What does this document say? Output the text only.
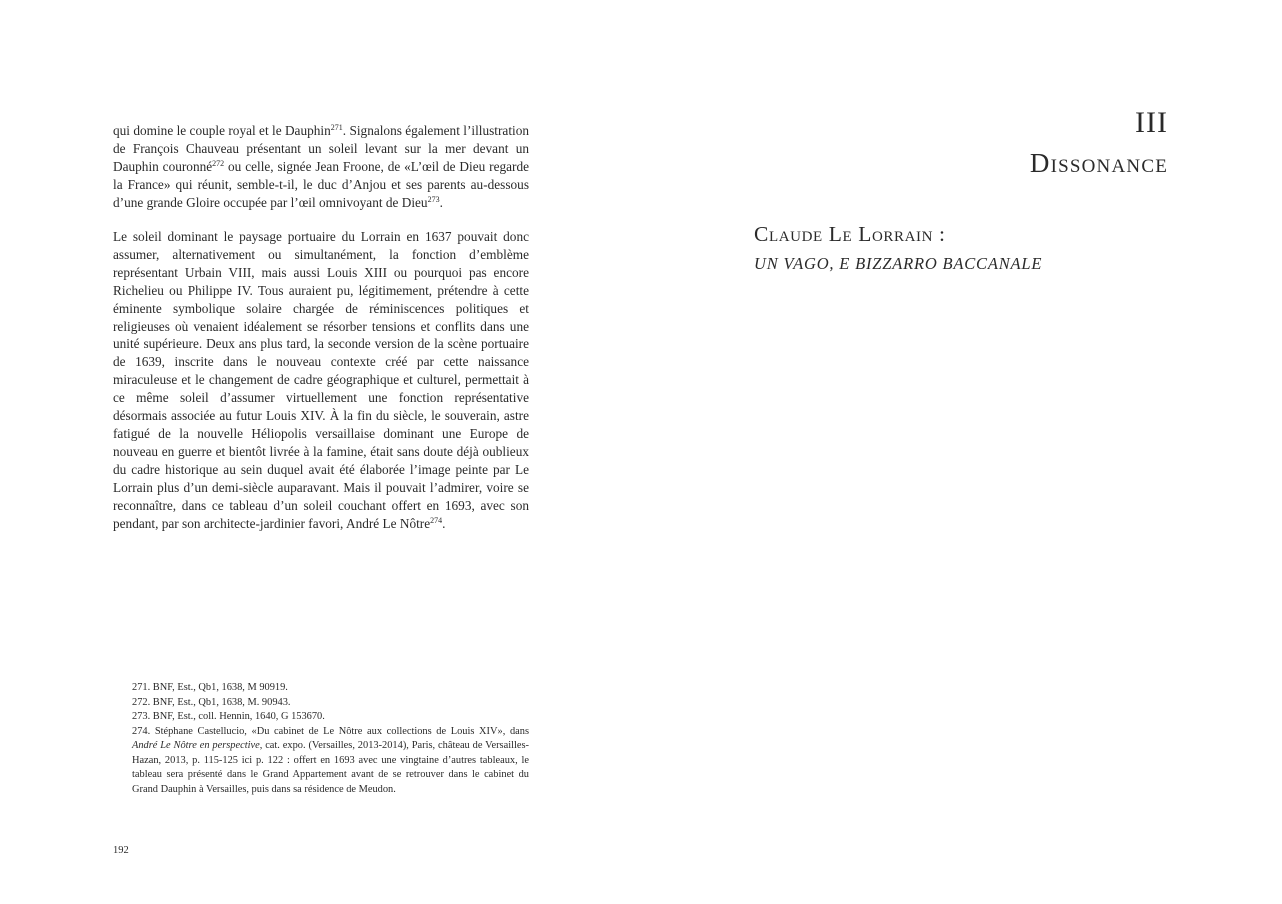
qui domine le couple royal et le Dauphin$^{271}$. Signalons également l’illustration de François Chauveau présentant un soleil levant sur la mer devant un Dauphin couronné$^{272}$ ou celle, signée Jean Froone, de «L’œil de Dieu regarde la France» qui réunit, semble-t-il, le duc d’Anjou et ses parents au-dessous d’une grande Gloire occupée par l’œil omnivoyant de Dieu$^{273}$.

Le soleil dominant le paysage portuaire du Lorrain en 1637 pouvait donc assumer, alternativement ou simultanément, la fonction d’emblème représentant Urbain VIII, mais aussi Louis XIII ou pourquoi pas encore Richelieu ou Philippe IV. Tous auraient pu, légitimement, prétendre à cette éminente symbolique solaire chargée de réminiscences politiques et religieuses où venaient idéalement se résorber tensions et conflits dans une unité supérieure. Deux ans plus tard, la seconde version de la scène portuaire de 1639, inscrite dans le nouveau contexte créé par cette naissance miraculeuse et le changement de cadre géographique et culturel, permettait à ce même soleil d’assumer virtuellement une fonction représentative désormais associée au futur Louis XIV. À la fin du siècle, le souverain, astre fatigué de la nouvelle Héliopolis versaillaise dominant une Europe de nouveau en guerre et bientôt livrée à la famine, était sans doute déjà oublieux du cadre historique au sein duquel avait été élaborée l’image peinte par Le Lorrain plus d’un demi-siècle auparavant. Mais il pouvait l’admirer, voire se reconnaître, dans ce tableau d’un soleil couchant offert en 1693, avec son pendant, par son architecte-jardinier favori, André Le Nôtre$^{274}$.

271. BNF, Est., Qb1, 1638, M 90919.
272. BNF, Est., Qb1, 1638, M. 90943.
273. BNF, Est., coll. Hennin, 1640, G 153670.
274. Stéphane Castellucio, «Du cabinet de Le Nôtre aux collections de Louis XIV», dans André Le Nôtre en perspective, cat. expo. (Versailles, 2013-2014), Paris, château de Versailles-Hazan, 2013, p. 115-125 ici p. 122 : offert en 1693 avec une vingtaine d’autres tableaux, le tableau sera présenté dans le Grand Appartement avant de se retrouver dans le cabinet du Grand Dauphin à Versailles, puis dans sa résidence de Meudon.
192
III
Dissonance
Claude Le Lorrain :
UN VAGO, E BIZZARRO BACCANALE
